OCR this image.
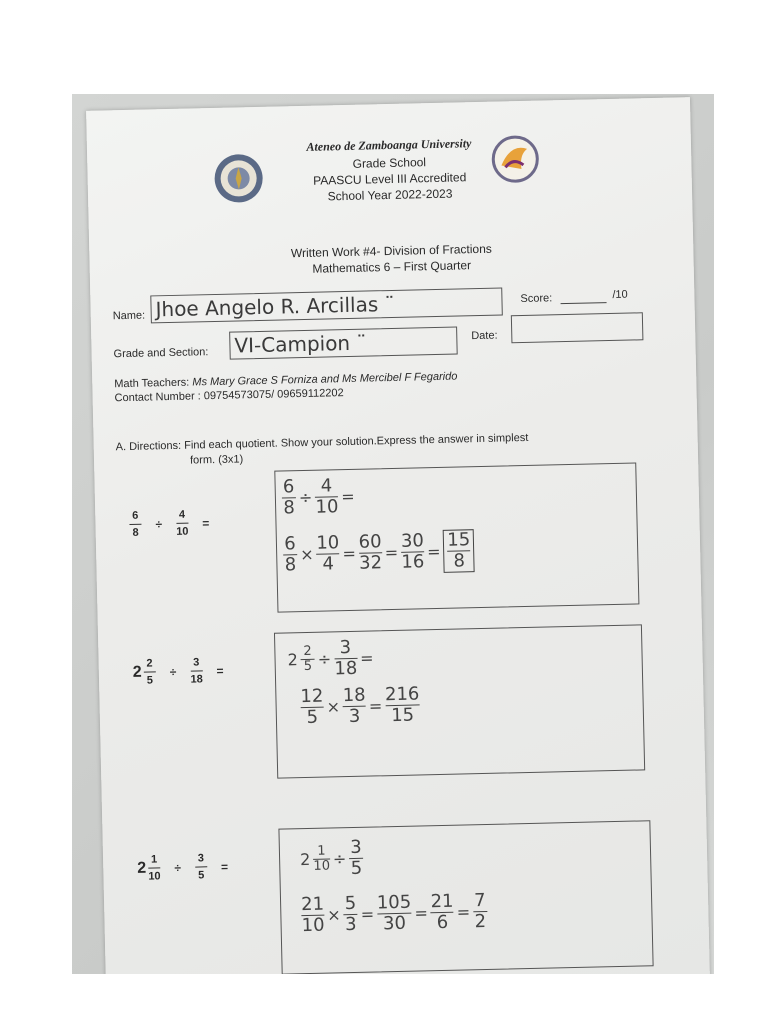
Ateneo de Zamboanga University
Grade School
PAASCU Level III Accredited
School Year 2022-2023
Written Work #4- Division of Fractions
Mathematics 6 – First Quarter
Name: Jhoe Angelo R. Arcillas ¨	Score:	/10
Grade and Section: VI-Campion ¨	Date:
Math Teachers: Ms Mary Grace S Forniza and Ms Mercibel F Fegarido
Contact Number : 09754573075/ 09659112202
A. Directions: Find each quotient. Show your solution.Express the answer in simplest
form. (3x1)
$\frac{6}{8} \div \frac{4}{10}$ =
6
8 ÷
4
10 =
6
8 ×
10
4 =
60
32 =
30
16 =
15
8
$2 \frac{2}{5} \div \frac{3}{18}$ =
2 2
5 ÷
3
18 =
12
5 ×
18
3 =
216
15
$2 \frac{1}{10} \div \frac{3}{5}$ =	2 1
10 ÷
3
5
21
10 ×
5
3 =
105
30 =
21
6 =
7
2
